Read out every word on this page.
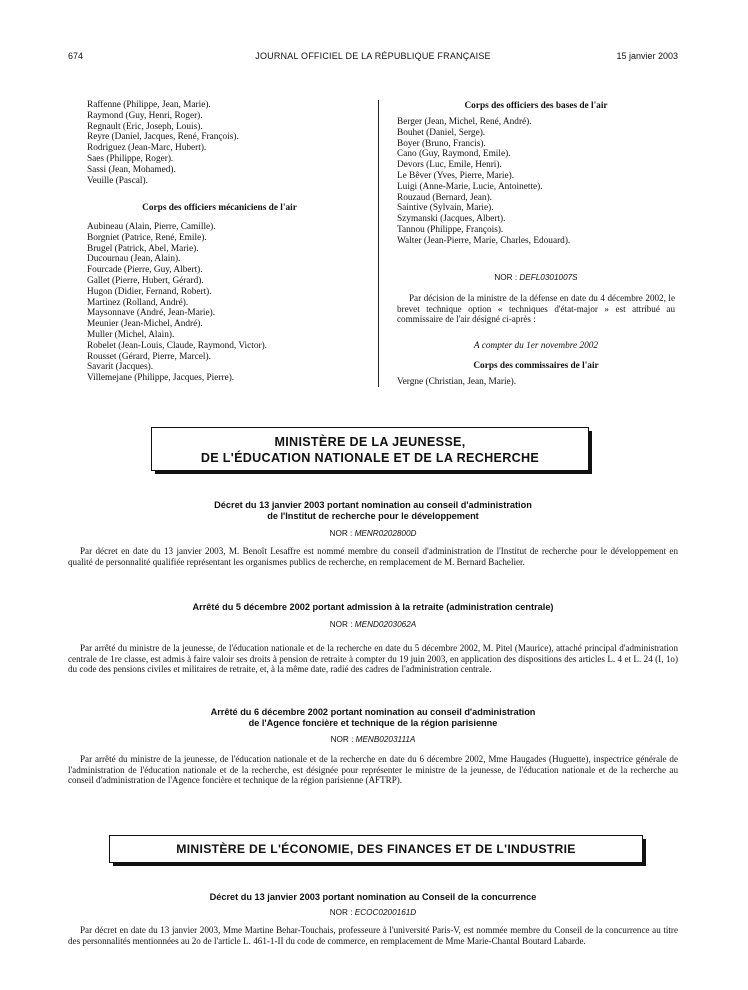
674	JOURNAL OFFICIEL DE LA RÉPUBLIQUE FRANÇAISE	15 janvier 2003
Raffenne (Philippe, Jean, Marie).
Raymond (Guy, Henri, Roger).
Regnault (Eric, Joseph, Louis).
Reyre (Daniel, Jacques, René, François).
Rodriguez (Jean-Marc, Hubert).
Saes (Philippe, Roger).
Sassi (Jean, Mohamed).
Veuille (Pascal).
Corps des officiers mécaniciens de l'air
Aubineau (Alain, Pierre, Camille).
Borgniet (Patrice, René, Emile).
Brugel (Patrick, Abel, Marie).
Ducournau (Jean, Alain).
Fourcade (Pierre, Guy, Albert).
Gallet (Pierre, Hubert, Gérard).
Hugon (Didier, Fernand, Robert).
Martinez (Rolland, André).
Maysonnave (André, Jean-Marie).
Meunier (Jean-Michel, André).
Muller (Michel, Alain).
Robelet (Jean-Louis, Claude, Raymond, Victor).
Rousset (Gérard, Pierre, Marcel).
Savarit (Jacques).
Villemejane (Philippe, Jacques, Pierre).
Corps des officiers des bases de l'air
Berger (Jean, Michel, René, André).
Bouhet (Daniel, Serge).
Boyer (Bruno, Francis).
Cano (Guy, Raymond, Emile).
Devors (Luc, Emile, Henri).
Le Bêver (Yves, Pierre, Marie).
Luigi (Anne-Marie, Lucie, Antoinette).
Rouzaud (Bernard, Jean).
Saintive (Sylvain, Marie).
Szymanski (Jacques, Albert).
Tannou (Philippe, François).
Walter (Jean-Pierre, Marie, Charles, Edouard).
NOR : DEFL0301007S

Par décision de la ministre de la défense en date du 4 décembre 2002, le brevet technique option « techniques d'état-major » est attribué au commissaire de l'air désigné ci-après :

A compter du 1er novembre 2002
Corps des commissaires de l'air
Vergne (Christian, Jean, Marie).
MINISTÈRE DE LA JEUNESSE,
DE L'ÉDUCATION NATIONALE ET DE LA RECHERCHE
Décret du 13 janvier 2003 portant nomination au conseil d'administration
de l'Institut de recherche pour le développement
NOR : MENR0202800D

Par décret en date du 13 janvier 2003, M. Benoît Lesaffre est nommé membre du conseil d'administration de l'Institut de recherche pour le développement en qualité de personnalité qualifiée représentant les organismes publics de recherche, en remplacement de M. Bernard Bachelier.

Arrêté du 5 décembre 2002 portant admission à la retraite (administration centrale)
NOR : MEND0203062A

Par arrêté du ministre de la jeunesse, de l'éducation nationale et de la recherche en date du 5 décembre 2002, M. Pitel (Maurice), attaché principal d'administration centrale de 1re classe, est admis à faire valoir ses droits à pension de retraite à compter du 19 juin 2003, en application des dispositions des articles L. 4 et L. 24 (I, 1o) du code des pensions civiles et militaires de retraite, et, à la même date, radié des cadres de l'administration centrale.

Arrêté du 6 décembre 2002 portant nomination au conseil d'administration
de l'Agence foncière et technique de la région parisienne
NOR : MENB0203111A

Par arrêté du ministre de la jeunesse, de l'éducation nationale et de la recherche en date du 6 décembre 2002, Mme Haugades (Huguette), inspectrice générale de l'administration de l'éducation nationale et de la recherche, est désignée pour représenter le ministre de la jeunesse, de l'éducation nationale et de la recherche au conseil d'administration de l'Agence foncière et technique de la région parisienne (AFTRP).

MINISTÈRE DE L'ÉCONOMIE, DES FINANCES ET DE L'INDUSTRIE
Décret du 13 janvier 2003 portant nomination au Conseil de la concurrence
NOR : ECOC0200161D

Par décret en date du 13 janvier 2003, Mme Martine Behar-Touchais, professeure à l'université Paris-V, est nommée membre du Conseil de la concurrence au titre des personnalités mentionnées au 2o de l'article L. 461-1-II du code de commerce, en remplacement de Mme Marie-Chantal Boutard Labarde.
